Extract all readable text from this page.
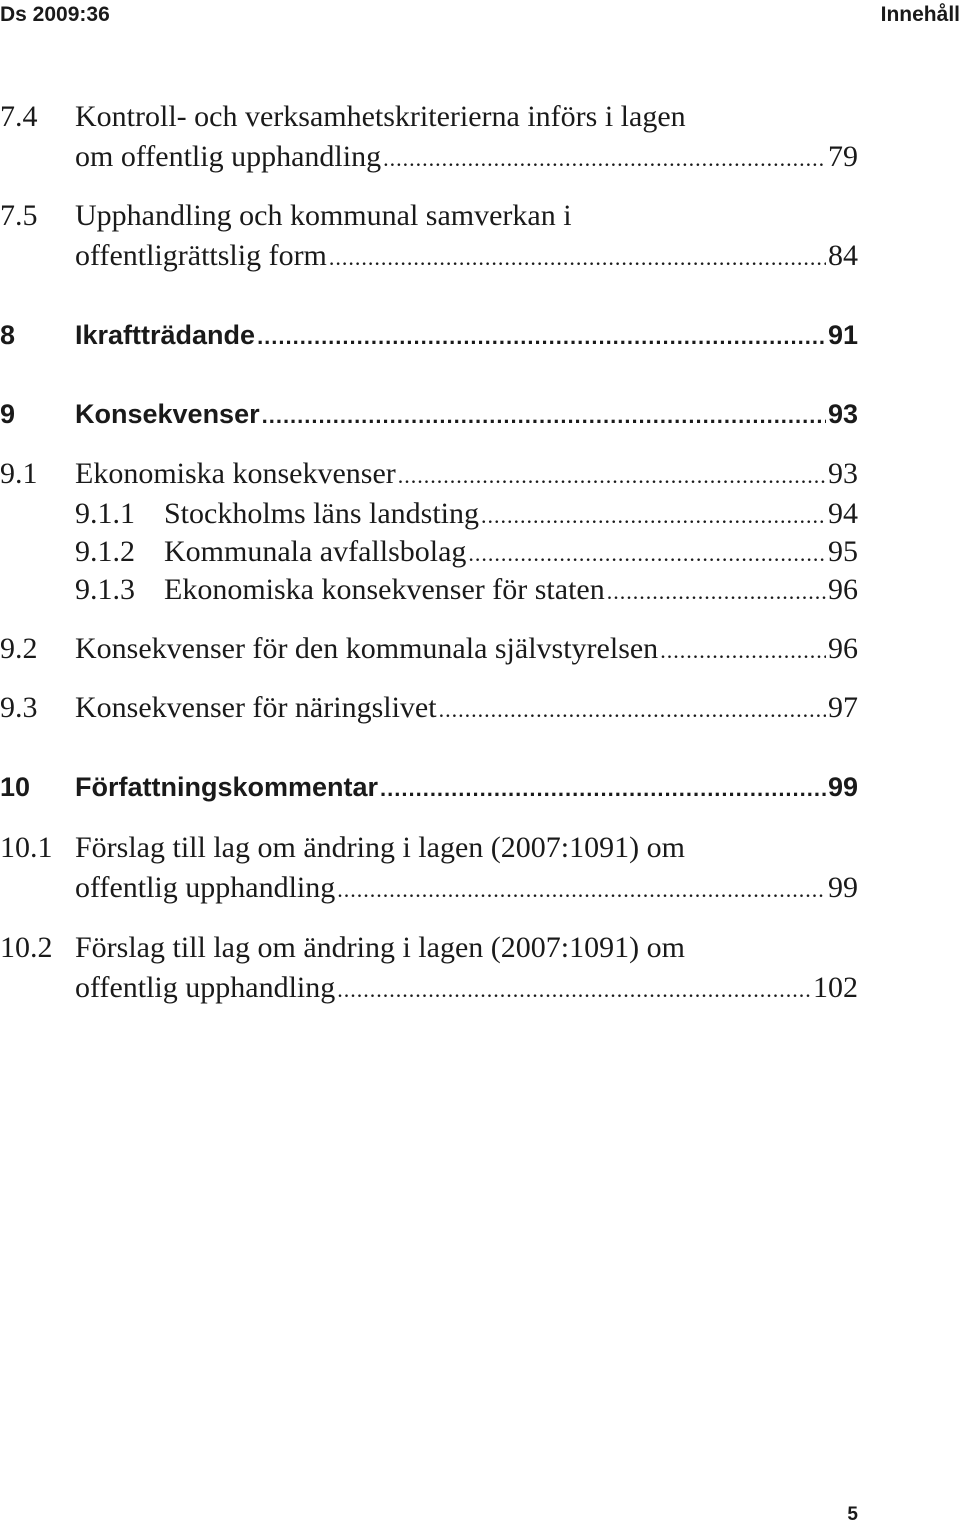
Ds 2009:36	Innehåll
7.4	Kontroll- och verksamhetskriterierna införs i lagen
om offentlig upphandling .....	79
7.5	Upphandling och kommunal samverkan i
offentligrättslig form .....	84
8	Ikraftträdande .....	91
9	Konsekvenser .....	93
9.1	Ekonomiska konsekvenser .....	93
9.1.1 Stockholms läns landsting .....	94
9.1.2 Kommunala avfallsbolag .....	95
9.1.3 Ekonomiska konsekvenser för staten .....	96
9.2	Konsekvenser för den kommunala självstyrelsen .....	96
9.3	Konsekvenser för näringslivet .....	97
10	Författningskommentar .....	99
10.1 Förslag till lag om ändring i lagen (2007:1091) om
offentlig upphandling .....	99
10.2 Förslag till lag om ändring i lagen (2007:1091) om
offentlig upphandling .....	102
5
